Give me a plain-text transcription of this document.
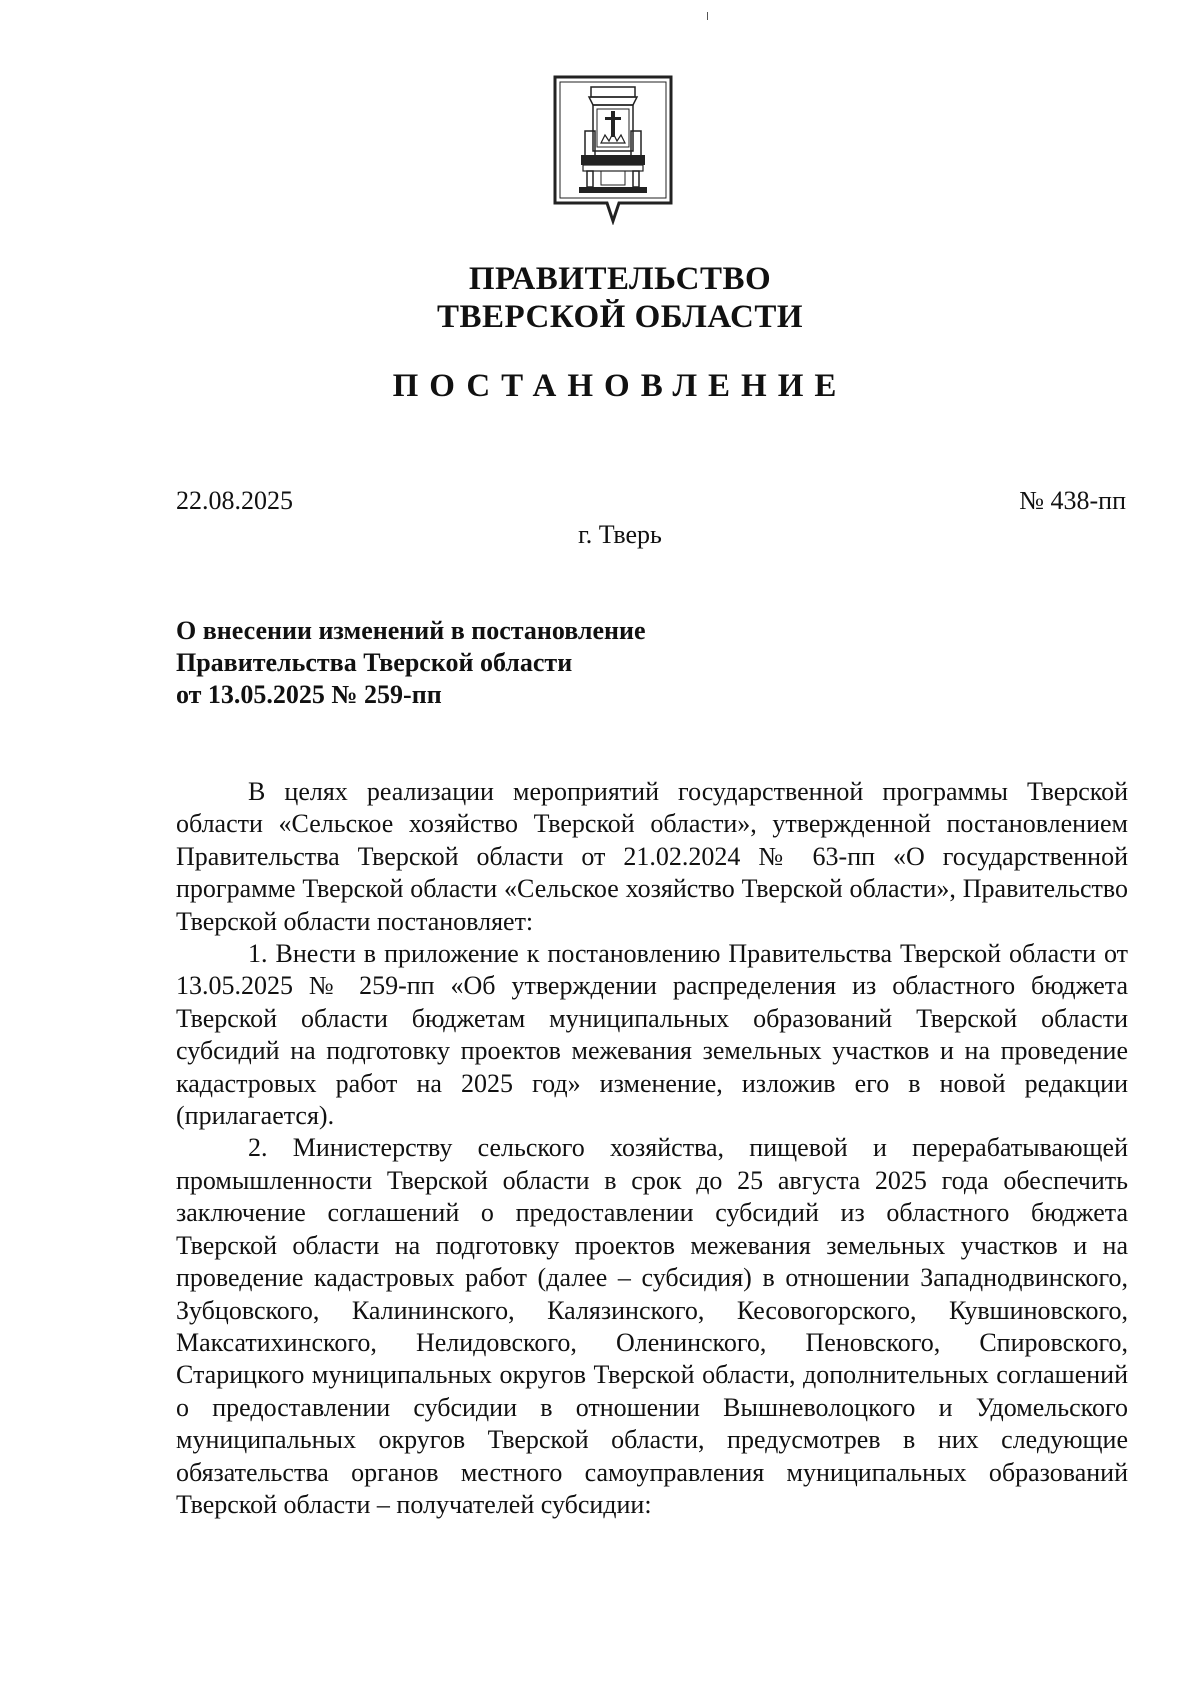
ПРАВИТЕЛЬСТВО
ТВЕРСКОЙ ОБЛАСТИ
ПОСТАНОВЛЕНИЕ
22.08.2025	№ 438-пп
г. Тверь
О внесении изменений в постановление
Правительства Тверской области
от 13.05.2025 № 259-пп

В целях реализации мероприятий государственной программы Тверской области «Сельское хозяйство Тверской области», утвержденной постановлением Правительства Тверской области от 21.02.2024 № 63-пп «О государственной программе Тверской области «Сельское хозяйство Тверской области», Правительство Тверской области постановляет:

1. Внести в приложение к постановлению Правительства Тверской области от 13.05.2025 № 259-пп «Об утверждении распределения из областного бюджета Тверской области бюджетам муниципальных образований Тверской области субсидий на подготовку проектов межевания земельных участков и на проведение кадастровых работ на 2025 год» изменение, изложив его в новой редакции (прилагается).

2. Министерству сельского хозяйства, пищевой и перерабатывающей промышленности Тверской области в срок до 25 августа 2025 года обеспечить заключение соглашений о предоставлении субсидий из областного бюджета Тверской области на подготовку проектов межевания земельных участков и на проведение кадастровых работ (далее – субсидия) в отношении Западнодвинского, Зубцовского, Калининского, Калязинского, Кесовогорского, Кувшиновского, Максатихинского, Нелидовского, Оленинского, Пеновского, Спировского, Старицкого муниципальных округов Тверской области, дополнительных соглашений о предоставлении субсидии в отношении Вышневолоцкого и Удомельского муниципальных округов Тверской области, предусмотрев в них следующие обязательства органов местного самоуправления муниципальных образований Тверской области – получателей субсидии:
